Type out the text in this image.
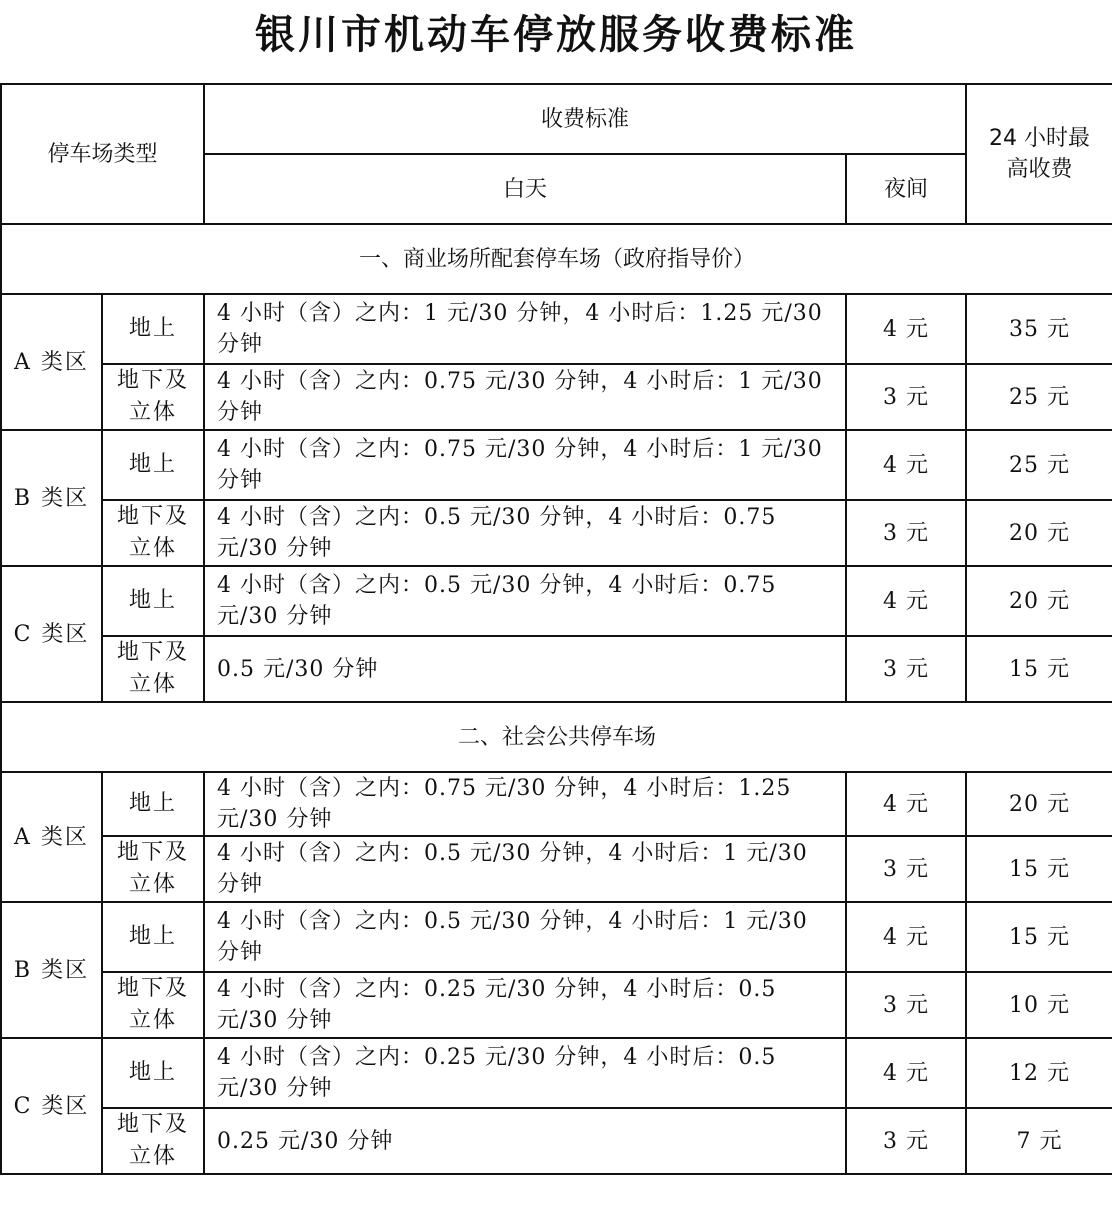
银川市机动车停放服务收费标准
停车场类型		收费标准		24 小时最高收费
		白天	夜间	
一、商业场所配套停车场（政府指导价）				
A 类区	地上	4 小时（含）之内：1 元/30 分钟，4 小时后：1.25 元/30 分钟	4 元	35 元
	地下及立体	4 小时（含）之内：0.75 元/30 分钟，4 小时后：1 元/30 分钟	3 元	25 元
B 类区	地上	4 小时（含）之内：0.75 元/30 分钟，4 小时后：1 元/30 分钟	4 元	25 元
	地下及立体	4 小时（含）之内：0.5 元/30 分钟，4 小时后：0.75 元/30 分钟	3 元	20 元
C 类区	地上	4 小时（含）之内：0.5 元/30 分钟，4 小时后：0.75 元/30 分钟	4 元	20 元
	地下及立体	0.5 元/30 分钟	3 元	15 元
二、社会公共停车场				
A 类区	地上	4 小时（含）之内：0.75 元/30 分钟，4 小时后：1.25 元/30 分钟	4 元	20 元
	地下及立体	4 小时（含）之内：0.5 元/30 分钟，4 小时后：1 元/30 分钟	3 元	15 元
B 类区	地上	4 小时（含）之内：0.5 元/30 分钟，4 小时后：1 元/30 分钟	4 元	15 元
	地下及立体	4 小时（含）之内：0.25 元/30 分钟，4 小时后：0.5 元/30 分钟	3 元	10 元
C 类区	地上	4 小时（含）之内：0.25 元/30 分钟，4 小时后：0.5 元/30 分钟	4 元	12 元
	地下及立体	0.25 元/30 分钟	3 元	7 元
